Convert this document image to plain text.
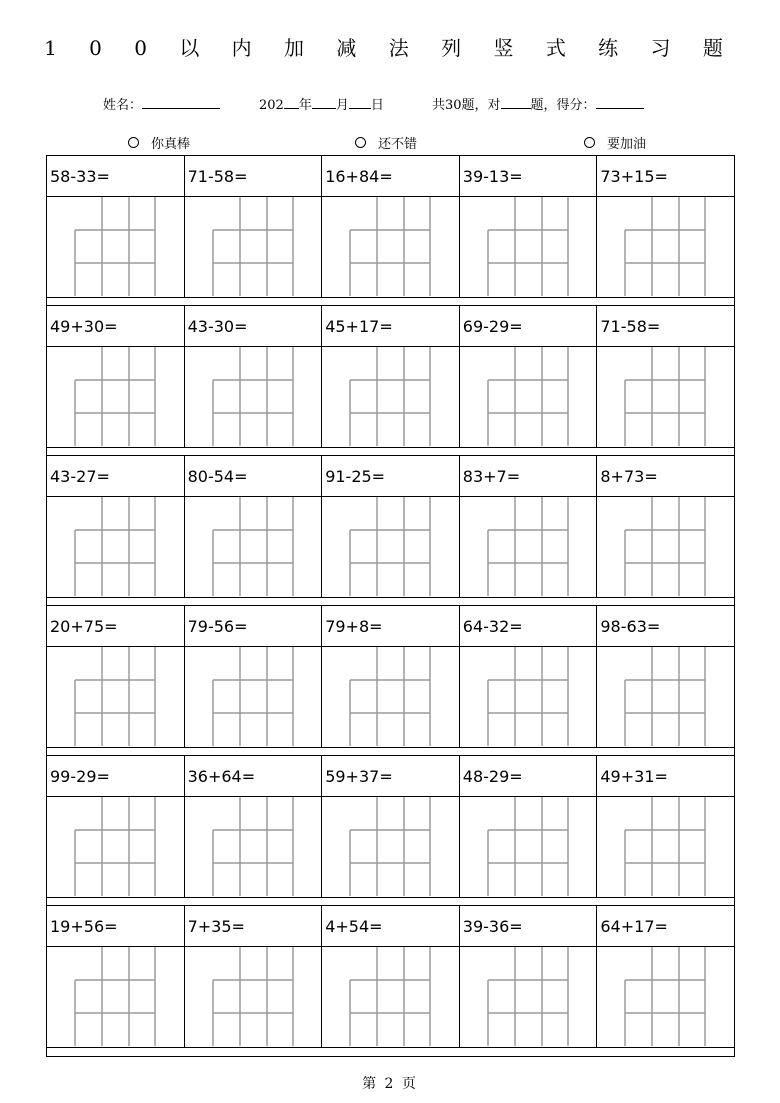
1 0 0 以 内 加 减 法 列 竖 式 练 习 题
姓名：	202 年 月 日	共30题，对 题，得分：
你真棒	还不错	要加油
58-33=	71-58=	16+84=	39-13=	73+15=
49+30=	43-30=	45+17=	69-29=	71-58=
43-27=	80-54=	91-25=	83+7=	8+73=
20+75=	79-56=	79+8=	64-32=	98-63=
99-29=	36+64=	59+37=	48-29=	49+31=
19+56=	7+35=	4+54=	39-36=	64+17=
第 2 页
